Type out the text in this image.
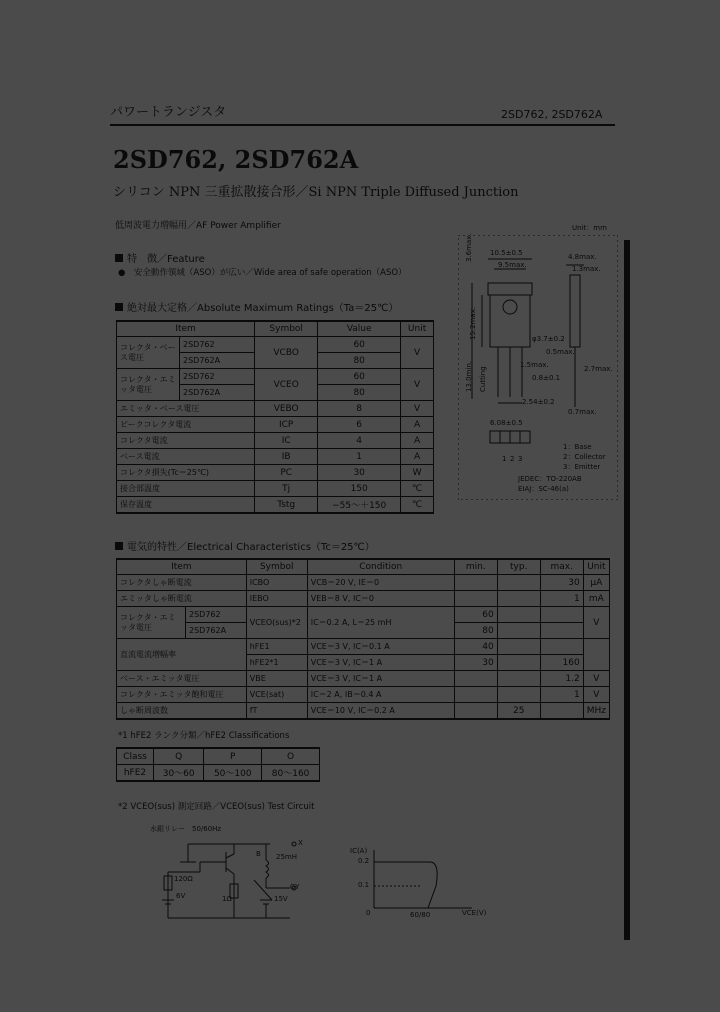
パワートランジスタ	2SD762, 2SD762A
2SD762, 2SD762A
シリコン NPN 三重拡散接合形／Si NPN Triple Diffused Junction
低周波電力増幅用／AF Power Amplifier
特　徴／Feature
●　安全動作領域（ASO）が広い／Wide area of safe operation（ASO）
絶対最大定格／Absolute Maximum Ratings（Ta＝25℃）
Item		Symbol	Value	Unit
コレクタ・ベース電圧	2SD762	VCBO	60	V
	2SD762A		80	
コレクタ・エミッタ電圧	2SD762	VCEO	60	V
	2SD762A		80	
エミッタ・ベース電圧		VEBO	8	V
ピークコレクタ電流		ICP	6	A
コレクタ電流		IC	4	A
ベース電流		IB	1	A
コレクタ損失(Tc＝25℃)		PC	30	W
接合部温度		Tj	150	℃
保存温度		Tstg	−55〜＋150	℃
Unit：mm
10.5±0.5
9.5max.
4.8max.
1.3max.
3.6max.
15.2max.	φ3.7±0.2
0.5max.
1.5max.	2.7max.
0.8±0.1
2.54±0.2
0.7max.
13.0min. Cutting
6.08±0.5
1 2 3
1：Base
2：Collector
3：Emitter
JEDEC：TO-220AB
EIAJ：SC-46(a)
電気的特性／Electrical Characteristics（Tc＝25℃）
Item		Symbol	Condition	min.	typ.	max.	Unit
コレクタしゃ断電流		ICBO	VCB＝20 V, IE＝0			30	μA
エミッタしゃ断電流		IEBO	VEB＝8 V, IC＝0			1	mA
コレクタ・エミッタ電圧	2SD762	VCEO(sus)*2	IC＝0.2 A, L＝25 mH	60			V
	2SD762A			80			
直流電流増幅率		hFE1	VCE＝3 V, IC＝0.1 A	40			
		hFE2*1	VCE＝3 V, IC＝1 A	30		160	
ベース・エミッタ電圧		VBE	VCE＝3 V, IC＝1 A			1.2	V
コレクタ・エミッタ飽和電圧		VCE(sat)	IC＝2 A, IB＝0.4 A			1	V
しゃ断周波数		fT	VCE＝10 V, IC＝0.2 A		25		MHz
*1 hFE2 ランク分類／hFE2 Classifications
Class	Q	P	O
hFE2	30〜60	50〜100	80〜160
*2 VCEO(sus) 測定回路／VCEO(sus) Test Circuit
水銀リレー　50/60Hz
X
B 25mH
GY
120Ω
6V	1Ω	15V
IC(A)
0.2
0.1
0	60/80	VCE(V)
